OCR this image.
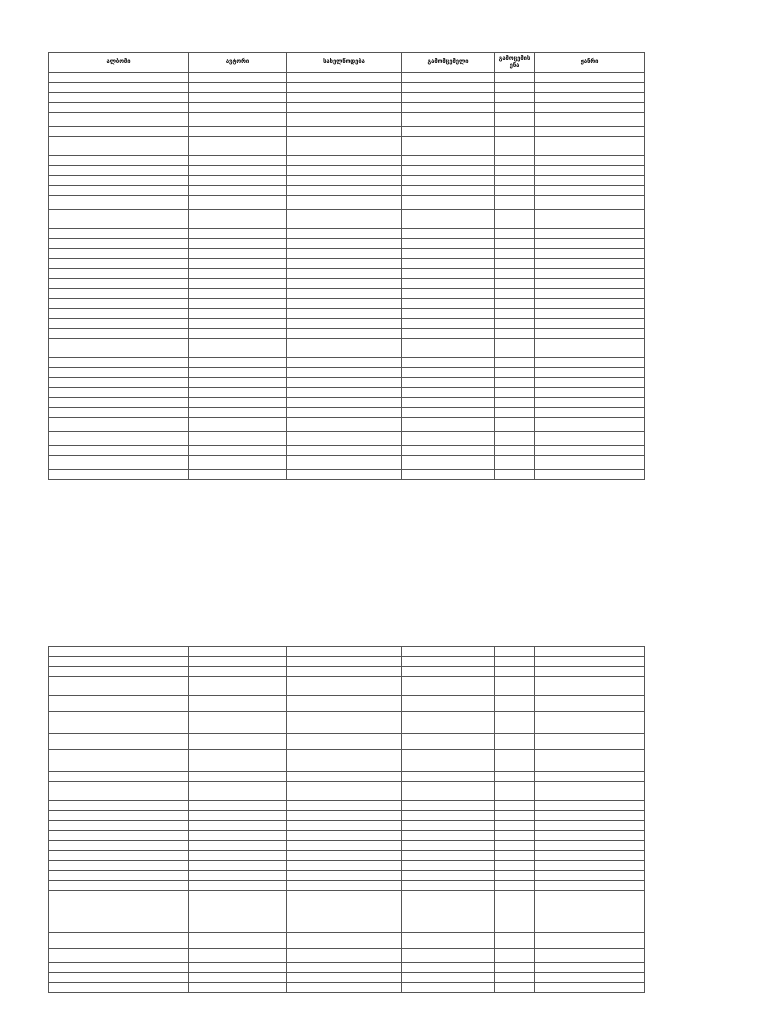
ალბომი	ავტორი	სახელწოდება	გამომცემელი	გამოცემის ენა	ჟანრი
